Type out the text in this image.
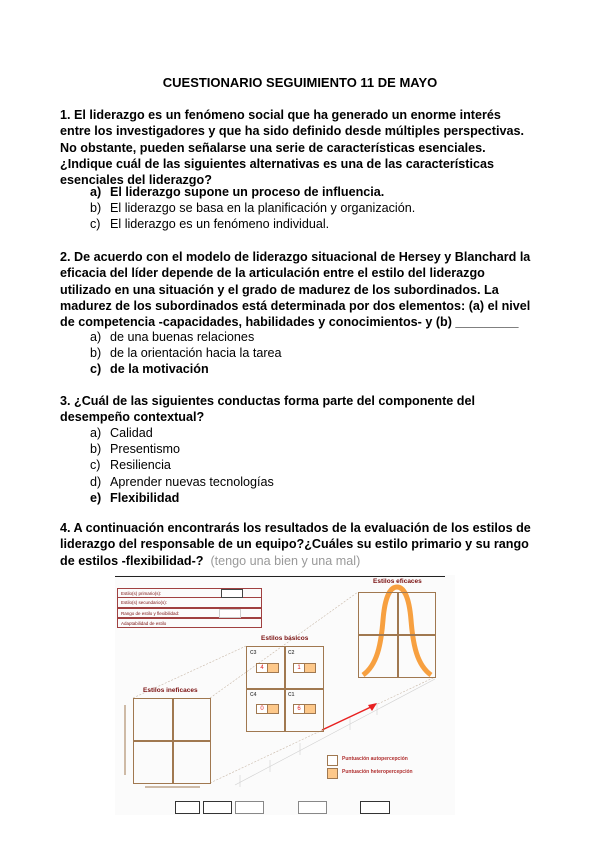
CUESTIONARIO SEGUIMIENTO 11 DE MAYO
1. El liderazgo es un fenómeno social que ha generado un enorme interés
entre los investigadores y que ha sido definido desde múltiples perspectivas.
No obstante, pueden señalarse una serie de características esenciales.
¿Indique cuál de las siguientes alternativas es una de las características
esenciales del liderazgo?
a) El liderazgo supone un proceso de influencia.
b) El liderazgo se basa en la planificación y organización.
c) El liderazgo es un fenómeno individual.
2. De acuerdo con el modelo de liderazgo situacional de Hersey y Blanchard la
eficacia del líder depende de la articulación entre el estilo del liderazgo
utilizado en una situación y el grado de madurez de los subordinados. La
madurez de los subordinados está determinada por dos elementos: (a) el nivel
de competencia -capacidades, habilidades y conocimientos- y (b) _________
a) de una buenas relaciones
b) de la orientación hacia la tarea
c) de la motivación
3. ¿Cuál de las siguientes conductas forma parte del componente del
desempeño contextual?
a) Calidad
b) Presentismo
c) Resiliencia
d) Aprender nuevas tecnologías
e) Flexibilidad
4. A continuación encontrarás los resultados de la evaluación de los estilos de
liderazgo del responsable de un equipo?¿Cuáles su estilo primario y su rango
de estilos -flexibilidad-? (tengo una bien y una mal)
Estilo(s) primario(s):
Estilo(s) secundario(s):
Rango de estilo y flexibilidad:
Adaptabilidad de estilo
Estilos eficaces
Estilos básicos
C3	C2
C4	C1
4	1
0	6
Estilos ineficaces
Puntuación autopercepción
Puntuación heteropercepción
